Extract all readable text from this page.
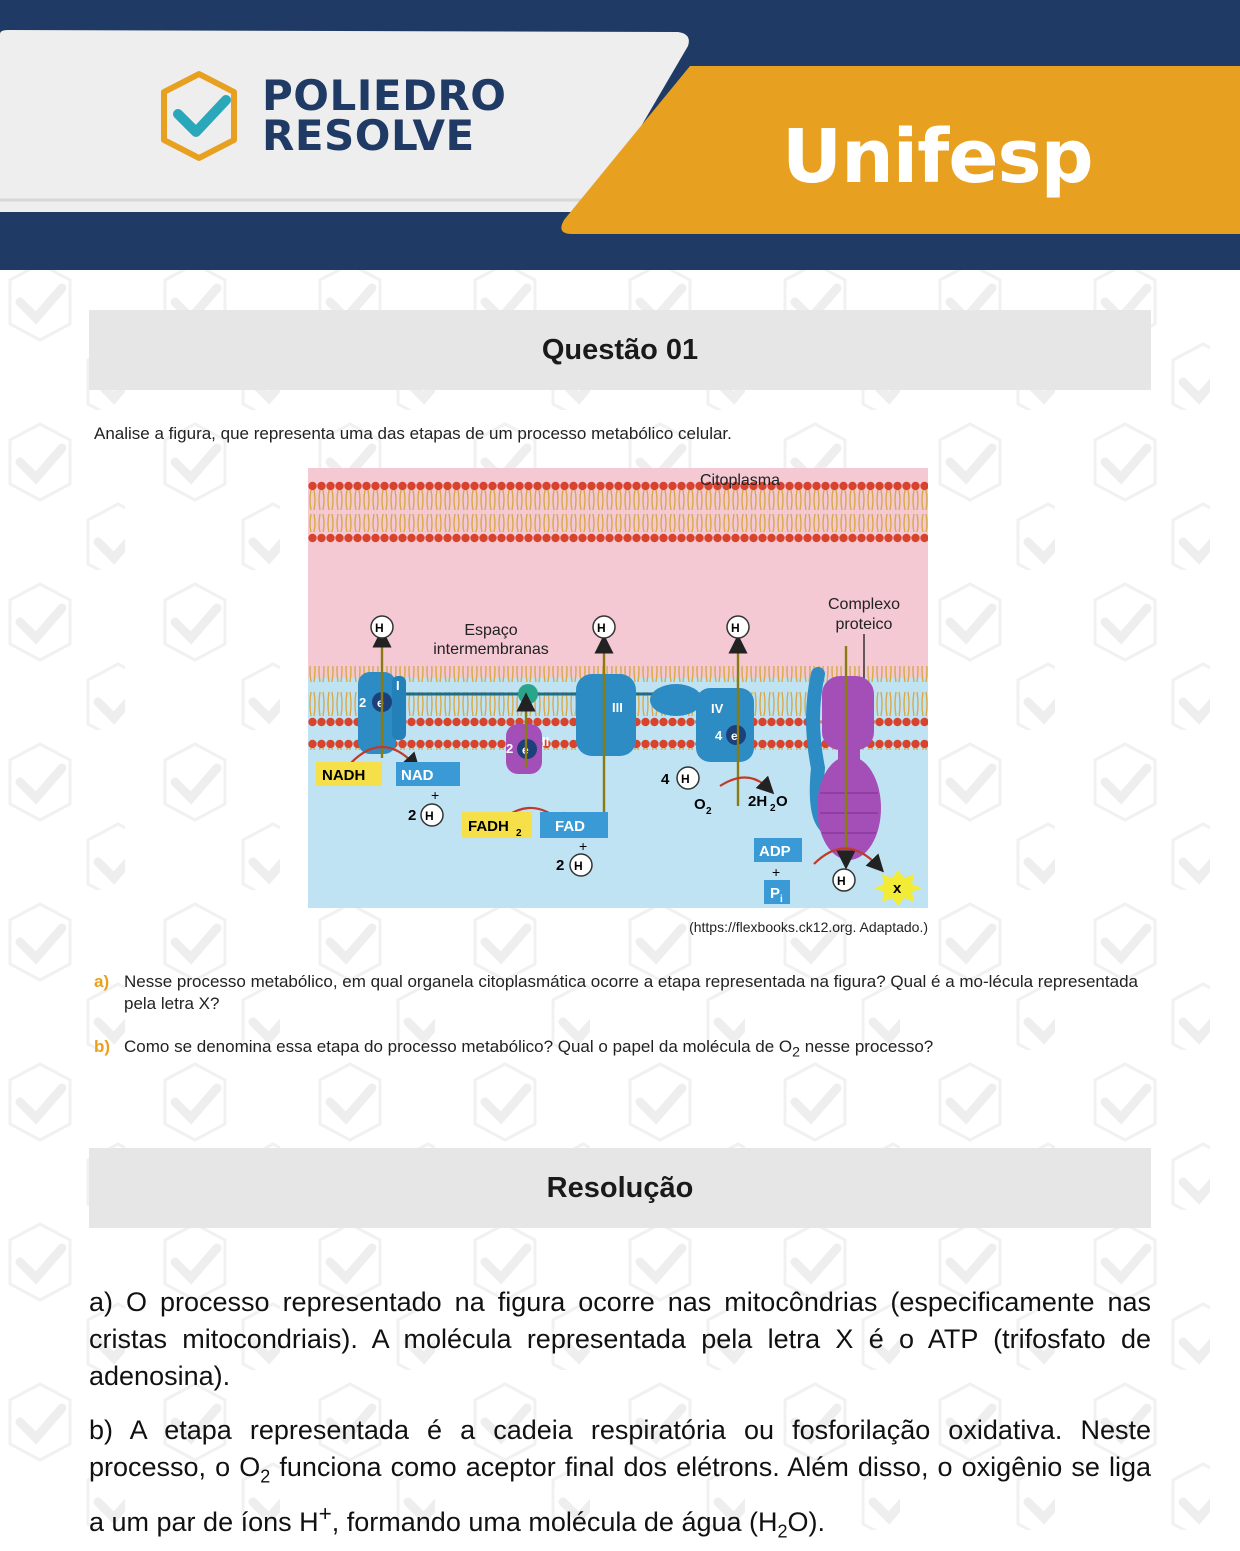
POLIEDRO
RESOLVE	Unifesp
Questão 01
Analise a figura, que representa uma das etapas de um processo metabólico celular.
Citoplasma
Espaço
intermembranas
Complexo
proteico
I
2 e
II
2 e
III	IV
4 e
H	H	H
NADH NAD
+
2 H
FADH 2 FAD
+
2 H
4 H
O 2
2H 2 O
ADP
+
P i
H	x
(https://flexbooks.ck12.org. Adaptado.)
a) Nesse processo metabólico, em qual organela citoplasmática ocorre a etapa representada na figura? Qual é a mo-lécula representada pela letra X?
b) Como se denomina essa etapa do processo metabólico? Qual o papel da molécula de $O_2$ nesse processo?
Resolução

a) O processo representado na figura ocorre nas mitocôndrias (especificamente nas cristas mitocondriais). A molécula representada pela letra X é o ATP (trifosfato de adenosina).

b) A etapa representada é a cadeia respiratória ou fosforilação oxidativa. Neste processo, o $O_2$ funciona como aceptor final dos elétrons. Além disso, o oxigênio se liga a um par de íons H+, formando uma molécula de água $(H_2O)$.
